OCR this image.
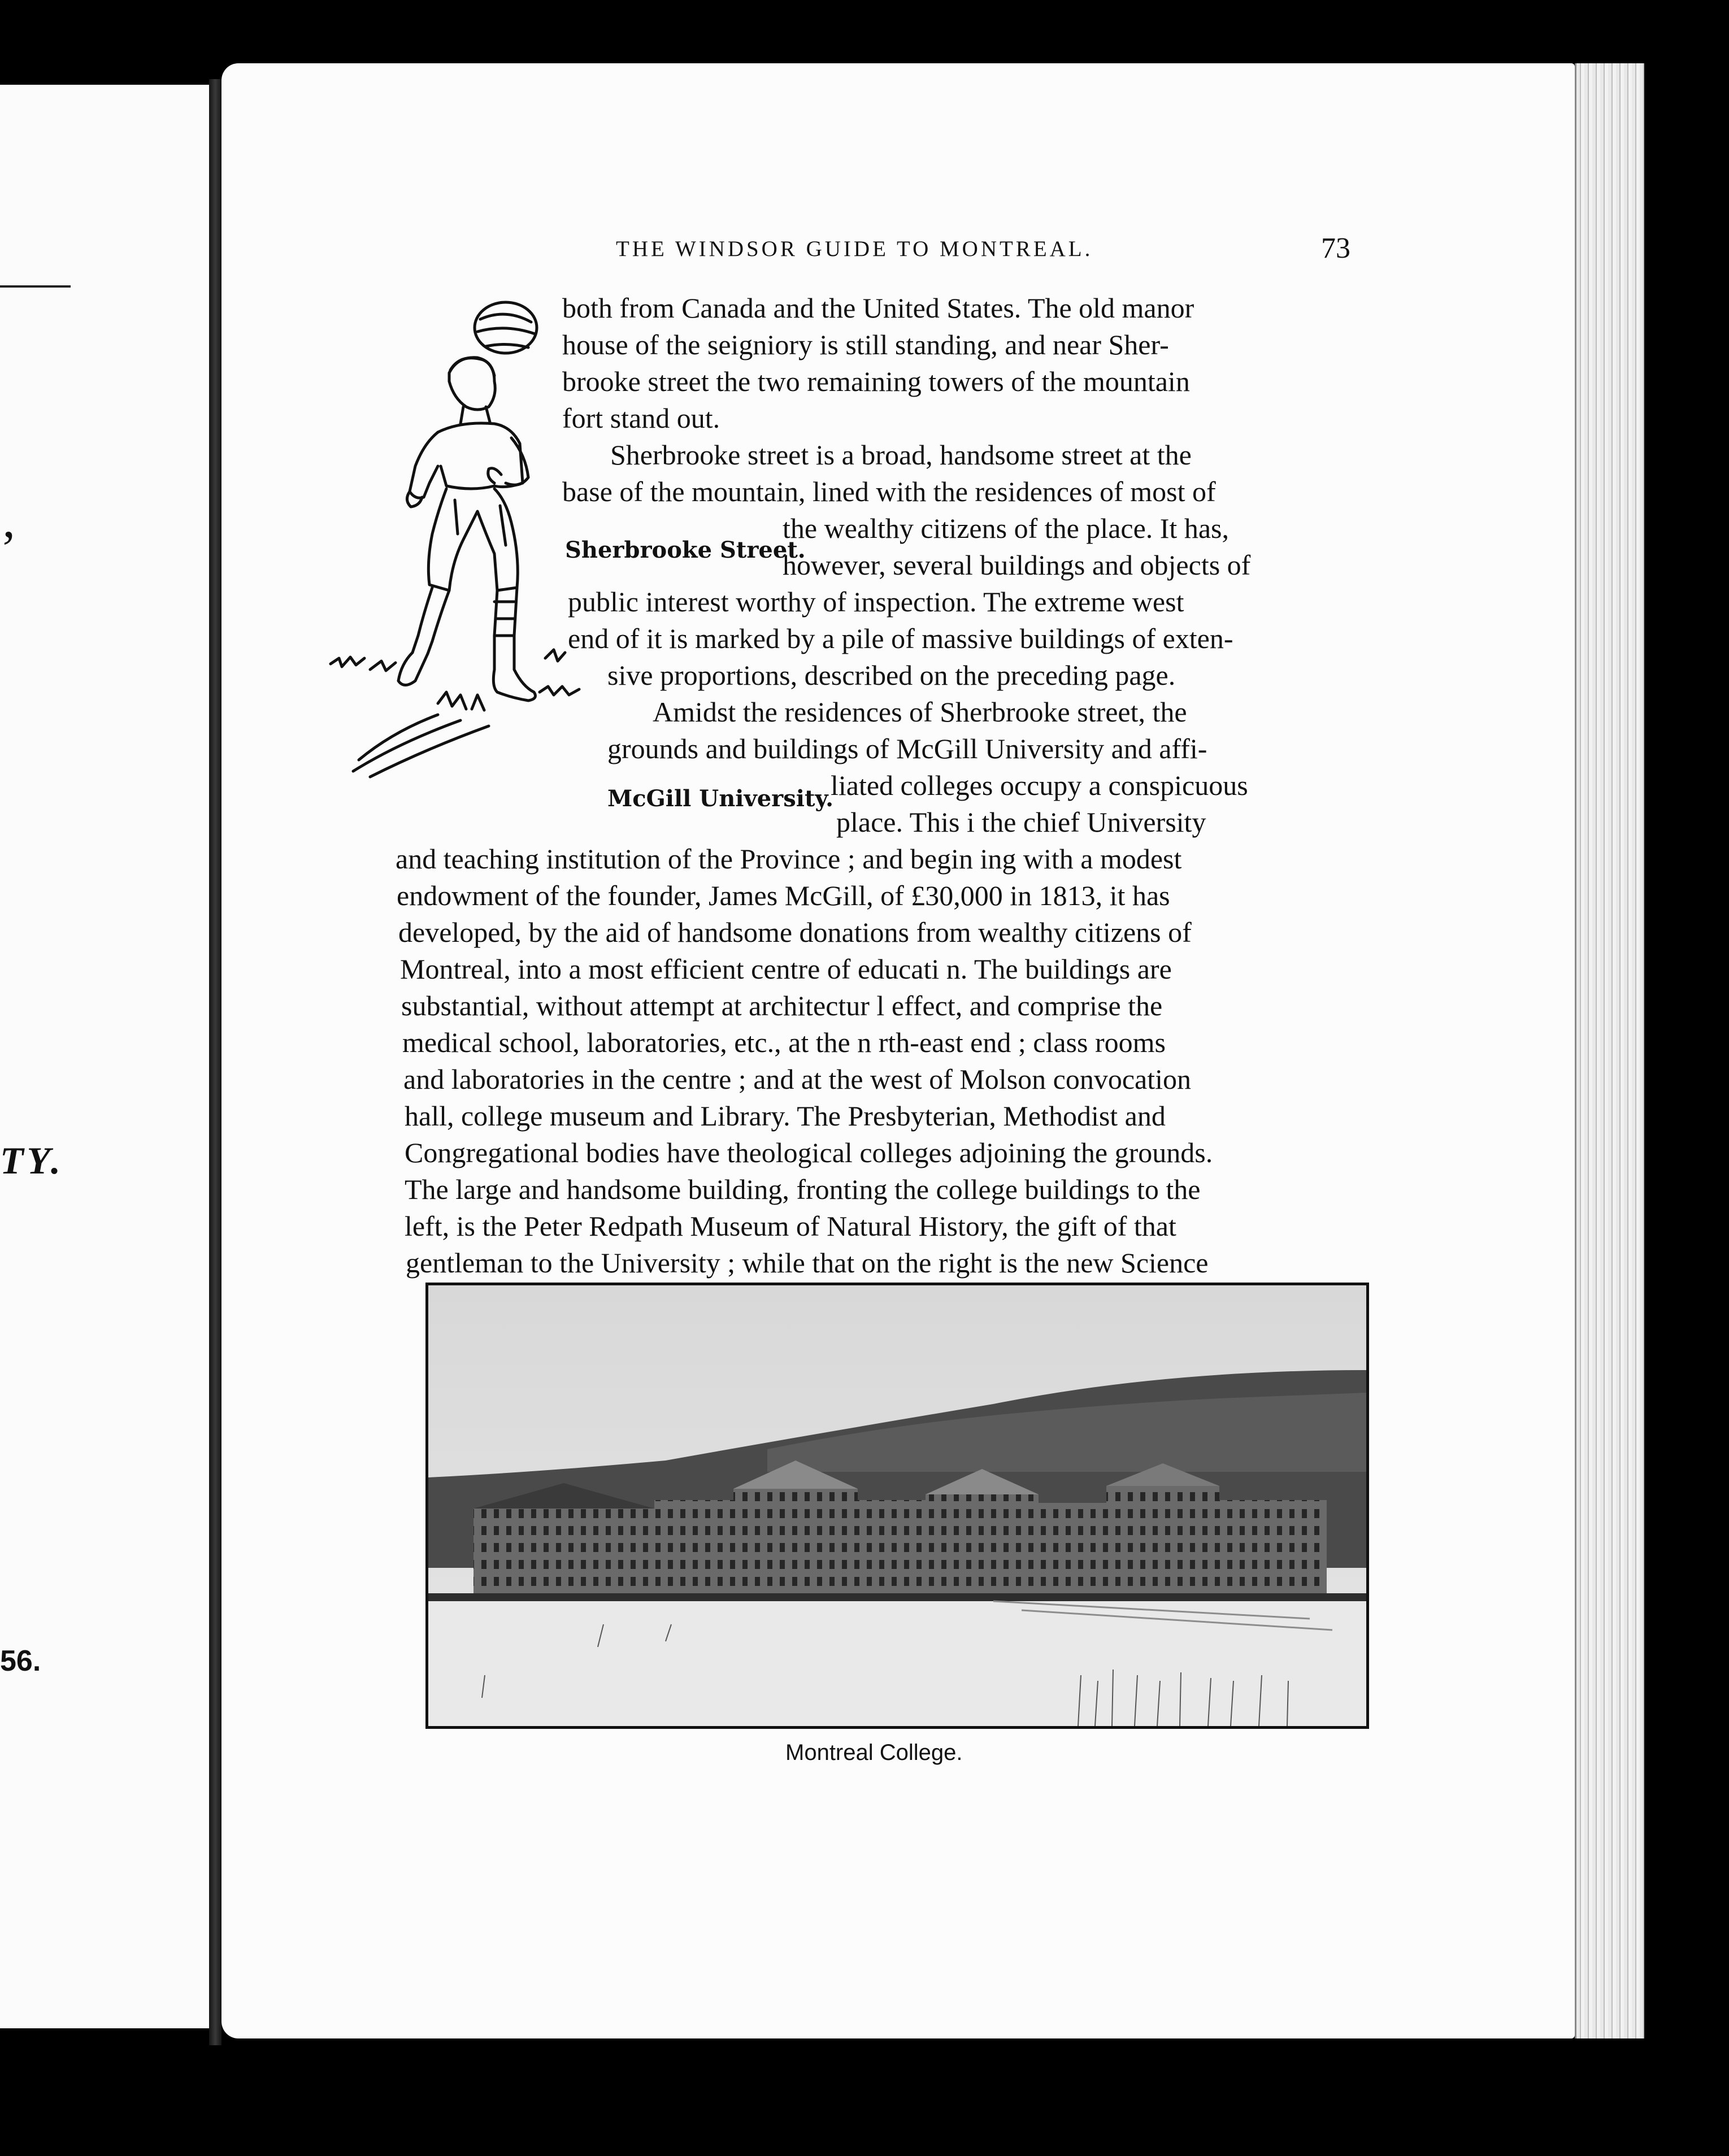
’
TY.
56.
THE WINDSOR GUIDE TO MONTREAL.	73
both from Canada and the United States. The old manor
house of the seigniory is still standing, and near Sher-
brooke street the two remaining towers of the mountain
fort stand out.
Sherbrooke street is a broad, handsome street at the
base of the mountain, lined with the residences of most of
the wealthy citizens of the place. It has,
however, several buildings and objects of
public interest worthy of inspection. The extreme west
end of it is marked by a pile of massive buildings of exten-
sive proportions, described on the preceding page.
Amidst the residences of Sherbrooke street, the
grounds and buildings of McGill University and affi-
liated colleges occupy a conspicuous
place. This i the chief University
and teaching institution of the Province ; and begin ing with a modest
endowment of the founder, James McGill, of £30,000 in 1813, it has
developed, by the aid of handsome donations from wealthy citizens of
Montreal, into a most efficient centre of educati n. The buildings are
substantial, without attempt at architectur l effect, and comprise the
medical school, laboratories, etc., at the n rth-east end ; class rooms
and laboratories in the centre ; and at the west of Molson convocation
hall, college museum and Library. The Presbyterian, Methodist and
Congregational bodies have theological colleges adjoining the grounds.
The large and handsome building, fronting the college buildings to the
left, is the Peter Redpath Museum of Natural History, the gift of that
gentleman to the University ; while that on the right is the new Science
Sherbrooke Street.
McGill University.
Montreal College.
